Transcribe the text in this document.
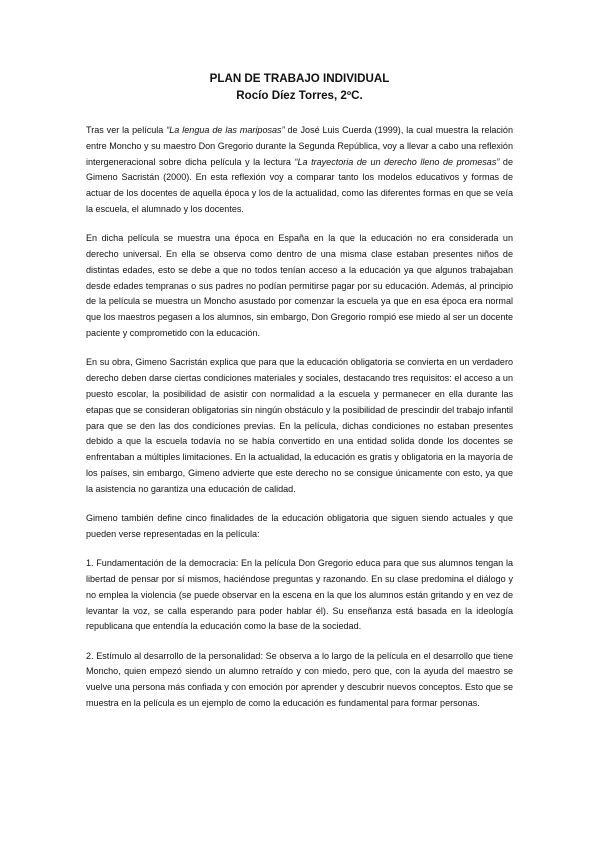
PLAN DE TRABAJO INDIVIDUAL

Rocío Díez Torres, 2ºC.

Tras ver la película “La lengua de las mariposas” de José Luis Cuerda (1999), la cual muestra la relación entre Moncho y su maestro Don Gregorio durante la Segunda República, voy a llevar a cabo una reflexión intergeneracional sobre dicha película y la lectura “La trayectoria de un derecho lleno de promesas” de Gimeno Sacristán (2000). En esta reflexión voy a comparar tanto los modelos educativos y formas de actuar de los docentes de aquella época y los de la actualidad, como las diferentes formas en que se veía la escuela, el alumnado y los docentes.

En dicha película se muestra una época en España en la que la educación no era considerada un derecho universal. En ella se observa como dentro de una misma clase estaban presentes niños de distintas edades, esto se debe a que no todos tenían acceso a la educación ya que algunos trabajaban desde edades tempranas o sus padres no podían permitirse pagar por su educación. Además, al principio de la película se muestra un Moncho asustado por comenzar la escuela ya que en esa época era normal que los maestros pegasen a los alumnos, sin embargo, Don Gregorio rompió ese miedo al ser un docente paciente y comprometido con la educación.

En su obra, Gimeno Sacristán explica que para que la educación obligatoria se convierta en un verdadero derecho deben darse ciertas condiciones materiales y sociales, destacando tres requisitos: el acceso a un puesto escolar, la posibilidad de asistir con normalidad a la escuela y permanecer en ella durante las etapas que se consideran obligatorias sin ningún obstáculo y la posibilidad de prescindir del trabajo infantil para que se den las dos condiciones previas. En la película, dichas condiciones no estaban presentes debido a que la escuela todavía no se había convertido en una entidad solida donde los docentes se enfrentaban a múltiples limitaciones. En la actualidad, la educación es gratis y obligatoria en la mayoría de los países, sin embargo, Gimeno advierte que este derecho no se consigue únicamente con esto, ya que la asistencia no garantiza una educación de calidad.

Gimeno también define cinco finalidades de la educación obligatoria que siguen siendo actuales y que pueden verse representadas en la película:

1. Fundamentación de la democracia: En la película Don Gregorio educa para que sus alumnos tengan la libertad de pensar por sí mismos, haciéndose preguntas y razonando. En su clase predomina el diálogo y no emplea la violencia (se puede observar en la escena en la que los alumnos están gritando y en vez de levantar la voz, se calla esperando para poder hablar él). Su enseñanza está basada en la ideología republicana que entendía la educación como la base de la sociedad.

2. Estímulo al desarrollo de la personalidad: Se observa a lo largo de la película en el desarrollo que tiene Moncho, quien empezó siendo un alumno retraído y con miedo, pero que, con la ayuda del maestro se vuelve una persona más confiada y con emoción por aprender y descubrir nuevos conceptos. Esto que se muestra en la película es un ejemplo de como la educación es fundamental para formar personas.
